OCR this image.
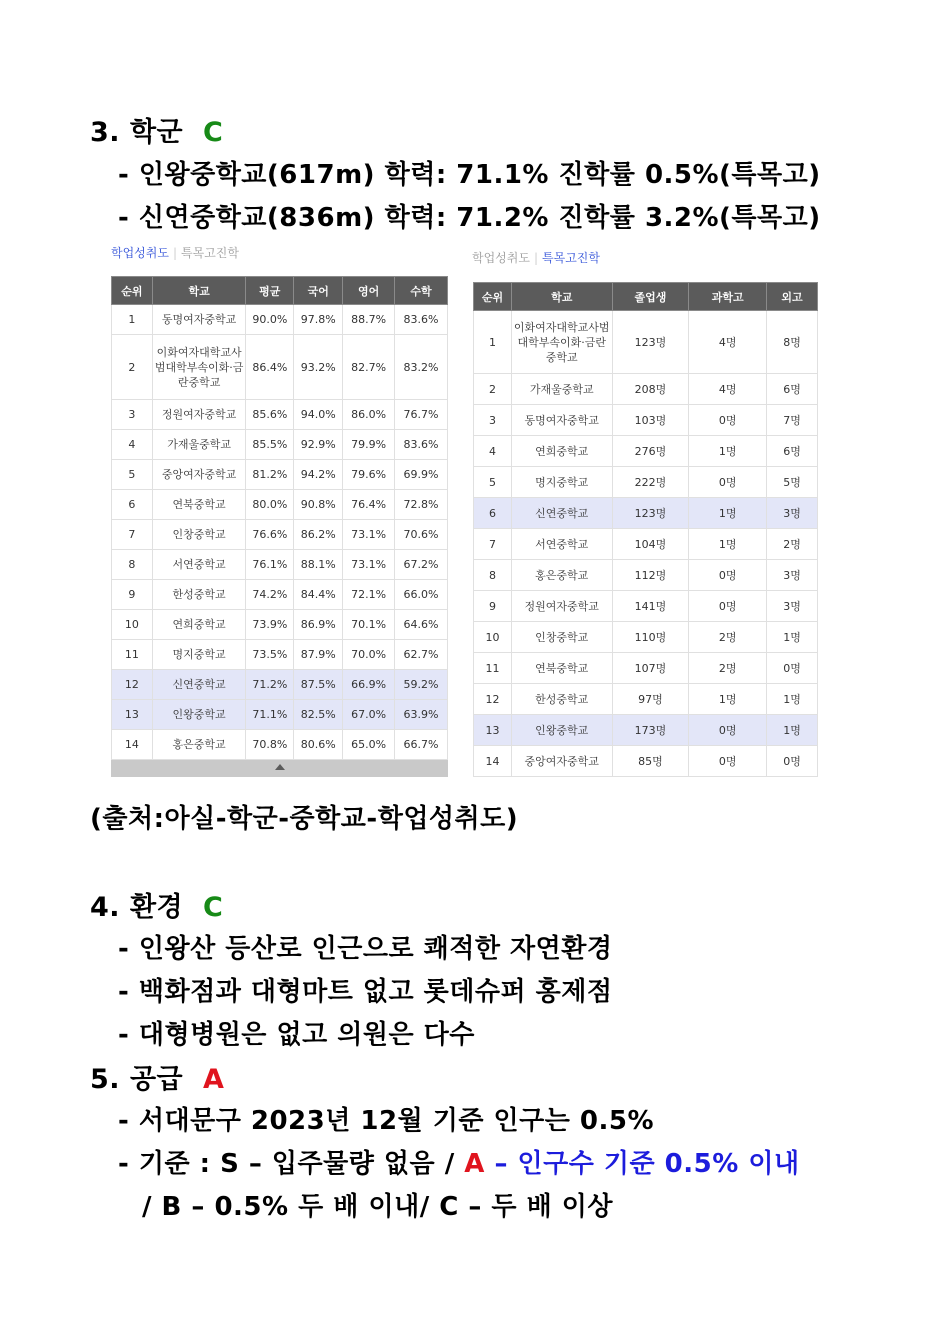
3. 학군 C
- 인왕중학교(617m) 학력: 71.1% 진학률 0.5%(특목고)
- 신연중학교(836m) 학력: 71.2% 진학률 3.2%(특목고)
학업성취도 | 특목고진학
순위	학교	평균	국어	영어	수학
1	동명여자중학교	90.0%	97.8%	88.7%	83.6%
2	이화여자대학교사범대학부속이화·금란중학교	86.4%	93.2%	82.7%	83.2%
3	정원여자중학교	85.6%	94.0%	86.0%	76.7%
4	가재울중학교	85.5%	92.9%	79.9%	83.6%
5	중앙여자중학교	81.2%	94.2%	79.6%	69.9%
6	연북중학교	80.0%	90.8%	76.4%	72.8%
7	인창중학교	76.6%	86.2%	73.1%	70.6%
8	서연중학교	76.1%	88.1%	73.1%	67.2%
9	한성중학교	74.2%	84.4%	72.1%	66.0%
10	연희중학교	73.9%	86.9%	70.1%	64.6%
11	명지중학교	73.5%	87.9%	70.0%	62.7%
12	신연중학교	71.2%	87.5%	66.9%	59.2%
13	인왕중학교	71.1%	82.5%	67.0%	63.9%
14	홍은중학교	70.8%	80.6%	65.0%	66.7%
학업성취도 | 특목고진학
순위	학교	졸업생	과학고	외고
1	이화여자대학교사범대학부속이화·금란중학교	123명	4명	8명
2	가재울중학교	208명	4명	6명
3	동명여자중학교	103명	0명	7명
4	연희중학교	276명	1명	6명
5	명지중학교	222명	0명	5명
6	신연중학교	123명	1명	3명
7	서연중학교	104명	1명	2명
8	홍은중학교	112명	0명	3명
9	정원여자중학교	141명	0명	3명
10	인창중학교	110명	2명	1명
11	연북중학교	107명	2명	0명
12	한성중학교	97명	1명	1명
13	인왕중학교	173명	0명	1명
14	중앙여자중학교	85명	0명	0명
(출처:아실-학군-중학교-학업성취도)
4. 환경 C
- 인왕산 등산로 인근으로 쾌적한 자연환경
- 백화점과 대형마트 없고 롯데슈퍼 홍제점
- 대형병원은 없고 의원은 다수
5. 공급 A
- 서대문구 2023년 12월 기준 인구는 0.5%
- 기준 : S – 입주물량 없음 / A – 인구수 기준 0.5% 이내
/ B – 0.5% 두 배 이내/ C – 두 배 이상
